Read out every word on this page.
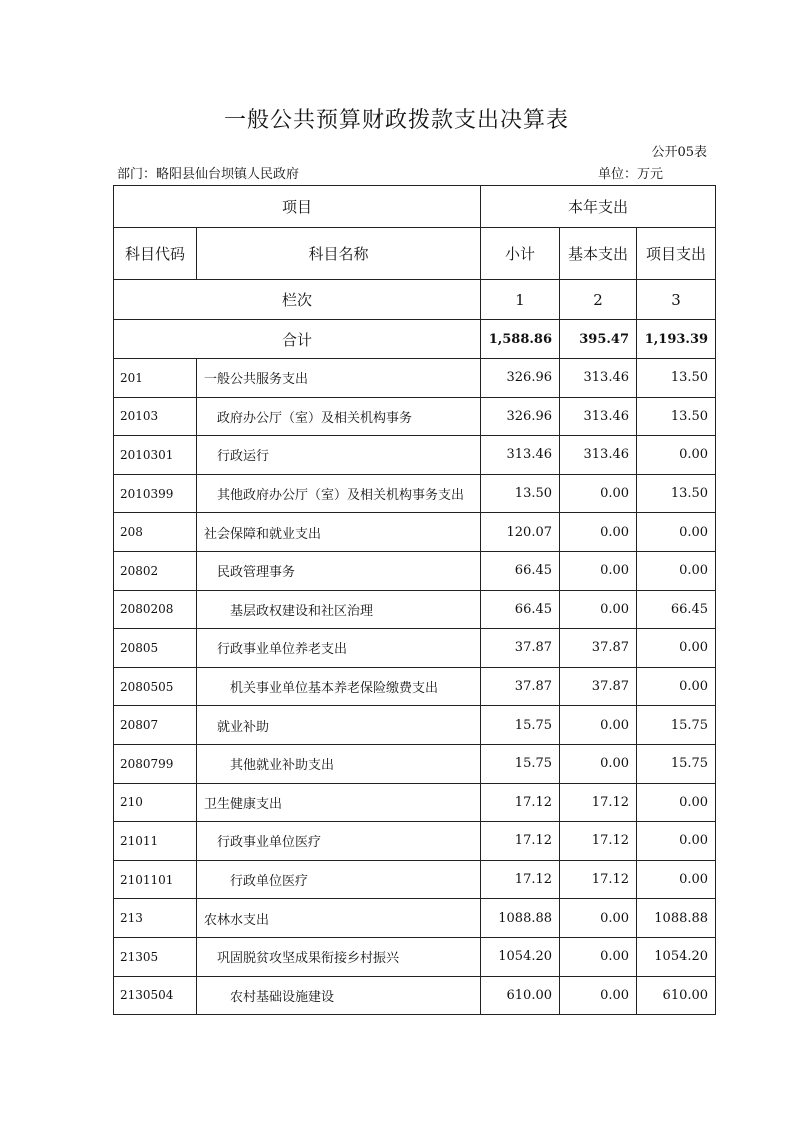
一般公共预算财政拨款支出决算表
公开05表
部门：略阳县仙台坝镇人民政府	单位：万元
项目		本年支出		
科目代码	科目名称	小计	基本支出	项目支出
栏次		1	2	3
合计		1,588.86	395.47	1,193.39
201	一般公共服务支出	326.96	313.46	13.50
20103	政府办公厅（室）及相关机构事务	326.96	313.46	13.50
2010301	行政运行	313.46	313.46	0.00
2010399	其他政府办公厅（室）及相关机构事务支出	13.50	0.00	13.50
208	社会保障和就业支出	120.07	0.00	0.00
20802	民政管理事务	66.45	0.00	0.00
2080208	基层政权建设和社区治理	66.45	0.00	66.45
20805	行政事业单位养老支出	37.87	37.87	0.00
2080505	机关事业单位基本养老保险缴费支出	37.87	37.87	0.00
20807	就业补助	15.75	0.00	15.75
2080799	其他就业补助支出	15.75	0.00	15.75
210	卫生健康支出	17.12	17.12	0.00
21011	行政事业单位医疗	17.12	17.12	0.00
2101101	行政单位医疗	17.12	17.12	0.00
213	农林水支出	1088.88	0.00	1088.88
21305	巩固脱贫攻坚成果衔接乡村振兴	1054.20	0.00	1054.20
2130504	农村基础设施建设	610.00	0.00	610.00
